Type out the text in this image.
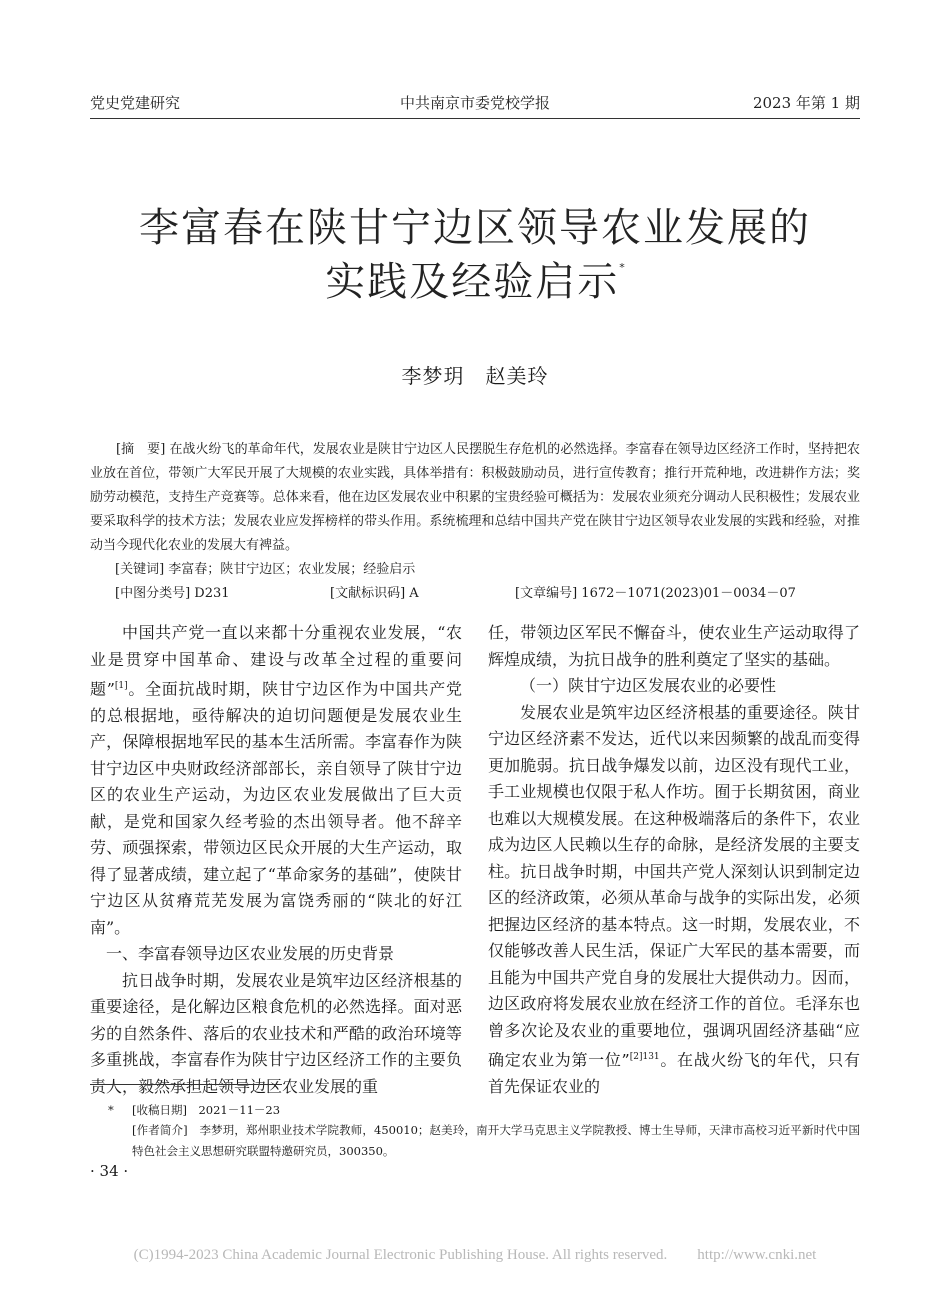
党史党建研究	中共南京市委党校学报	2023 年第 1 期
李富春在陕甘宁边区领导农业发展的
实践及经验启示*
李梦玥　赵美玲

[摘　要] 在战火纷飞的革命年代，发展农业是陕甘宁边区人民摆脱生存危机的必然选择。李富春在领导边区经济工作时，坚持把农业放在首位，带领广大军民开展了大规模的农业实践，具体举措有：积极鼓励动员，进行宣传教育；推行开荒种地，改进耕作方法；奖励劳动模范，支持生产竞赛等。总体来看，他在边区发展农业中积累的宝贵经验可概括为：发展农业须充分调动人民积极性；发展农业要采取科学的技术方法；发展农业应发挥榜样的带头作用。系统梳理和总结中国共产党在陕甘宁边区领导农业发展的实践和经验，对推动当今现代化农业的发展大有裨益。

[关键词] 李富春；陕甘宁边区；农业发展；经验启示
[中图分类号] D231	[文献标识码] A	[文章编号] 1672－1071(2023)01－0034－07

中国共产党一直以来都十分重视农业发展，“农业是贯穿中国革命、建设与改革全过程的重要问题”[1]。全面抗战时期，陕甘宁边区作为中国共产党的总根据地，亟待解决的迫切问题便是发展农业生产，保障根据地军民的基本生活所需。李富春作为陕甘宁边区中央财政经济部部长，亲自领导了陕甘宁边区的农业生产运动，为边区农业发展做出了巨大贡献，是党和国家久经考验的杰出领导者。他不辞辛劳、顽强探索，带领边区民众开展的大生产运动，取得了显著成绩，建立起了“革命家务的基础”，使陕甘宁边区从贫瘠荒芜发展为富饶秀丽的“陕北的好江南”。

一、李富春领导边区农业发展的历史背景

抗日战争时期，发展农业是筑牢边区经济根基的重要途径，是化解边区粮食危机的必然选择。面对恶劣的自然条件、落后的农业技术和严酷的政治环境等多重挑战，李富春作为陕甘宁边区经济工作的主要负责人，毅然承担起领导边区农业发展的重

任，带领边区军民不懈奋斗，使农业生产运动取得了辉煌成绩，为抗日战争的胜利奠定了坚实的基础。

（一）陕甘宁边区发展农业的必要性

发展农业是筑牢边区经济根基的重要途径。陕甘宁边区经济素不发达，近代以来因频繁的战乱而变得更加脆弱。抗日战争爆发以前，边区没有现代工业，手工业规模也仅限于私人作坊。囿于长期贫困，商业也难以大规模发展。在这种极端落后的条件下，农业成为边区人民赖以生存的命脉，是经济发展的主要支柱。抗日战争时期，中国共产党人深刻认识到制定边区的经济政策，必须从革命与战争的实际出发，必须把握边区经济的基本特点。这一时期，发展农业，不仅能够改善人民生活，保证广大军民的基本需要，而且能为中国共产党自身的发展壮大提供动力。因而，边区政府将发展农业放在经济工作的首位。毛泽东也曾多次论及农业的重要地位，强调巩固经济基础“应确定农业为第一位”$^{[2]131}$。在战火纷飞的年代，只有首先保证农业的

* [收稿日期]　 2021－11－23
[作者简介]　 李梦玥，郑州职业技术学院教师，450010；赵美玲，南开大学马克思主义学院教授、博士生导师，天津市高校习近平新时代中国特色社会主义思想研究联盟特邀研究员，300350。
· 34 ·
(C)1994-2023 China Academic Journal Electronic Publishing House. All rights reserved.　　http://www.cnki.net
